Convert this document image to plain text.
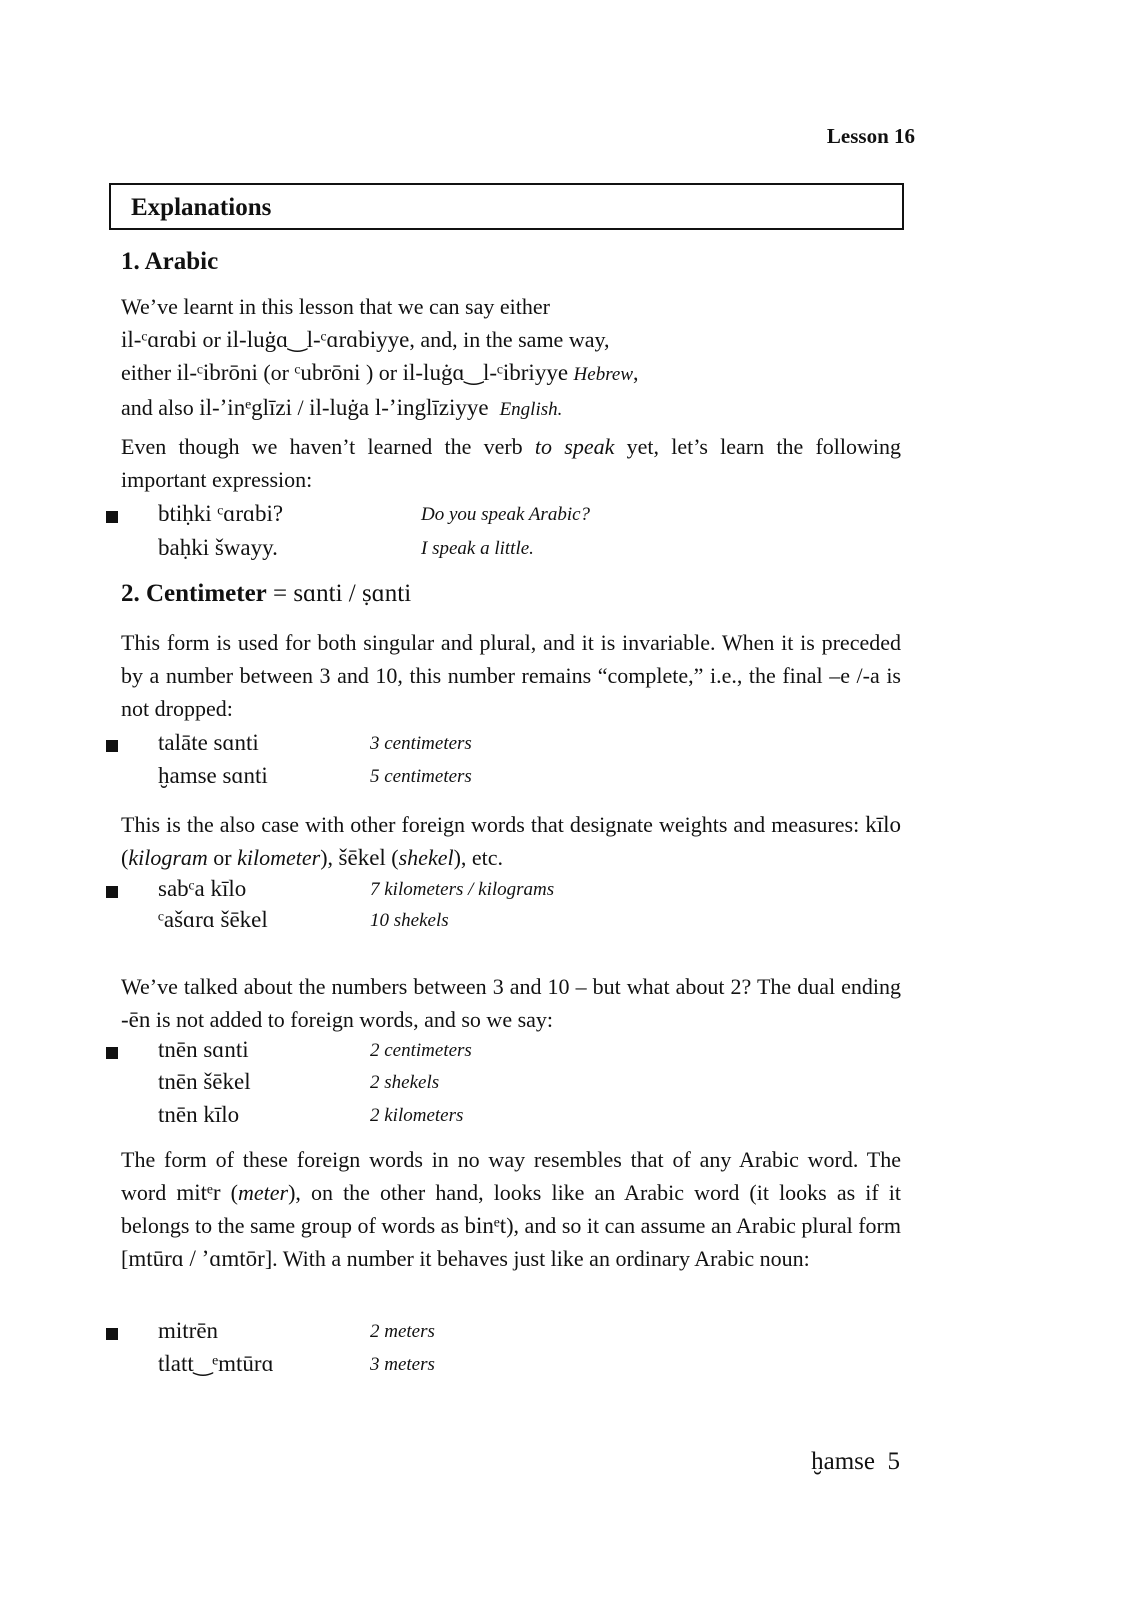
Lesson 16
Explanations
1. Arabic
We’ve learnt in this lesson that we can say either
il-ᶜɑrɑbi or il-luġɑ‿l-ᶜɑrɑbiyye, and, in the same way,
either il-ᶜibrōni (or ᶜubrōni ) or il-luġɑ‿l-ᶜibriyye Hebrew,
and also il-’inᵉglīzi / il-luġa l-’inglīziyye English.
Even though we haven’t learned the verb to speak yet, let’s learn the following important expression:
btiḥki ᶜɑrɑbi?	Do you speak Arabic?
baḥki šwayy.	I speak a little.
2. Centimeter = sɑnti / ṣɑnti
This form is used for both singular and plural, and it is invariable. When it is preceded by a number between 3 and 10, this number remains “complete,” i.e., the final –e /-a is not dropped:
talāte sɑnti	3 centimeters
ḫamse sɑnti	5 centimeters
This is the also case with other foreign words that designate weights and measures: kīlo (kilogram or kilometer), šēkel (shekel), etc.
sabᶜa kīlo	7 kilometers / kilograms
ᶜašɑrɑ šēkel	10 shekels
We’ve talked about the numbers between 3 and 10 – but what about 2? The dual ending -ēn is not added to foreign words, and so we say:
tnēn sɑnti	2 centimeters
tnēn šēkel	2 shekels
tnēn kīlo	2 kilometers
The form of these foreign words in no way resembles that of any Arabic word. The word mitᵉr (meter), on the other hand, looks like an Arabic word (it looks as if it belongs to the same group of words as binᵉt), and so it can assume an Arabic plural form [mtūrɑ / ’ɑmtōr]. With a number it behaves just like an ordinary Arabic noun:
mitrēn	2 meters
tlatt‿ᵉmtūrɑ	3 meters
ḫamse 5
